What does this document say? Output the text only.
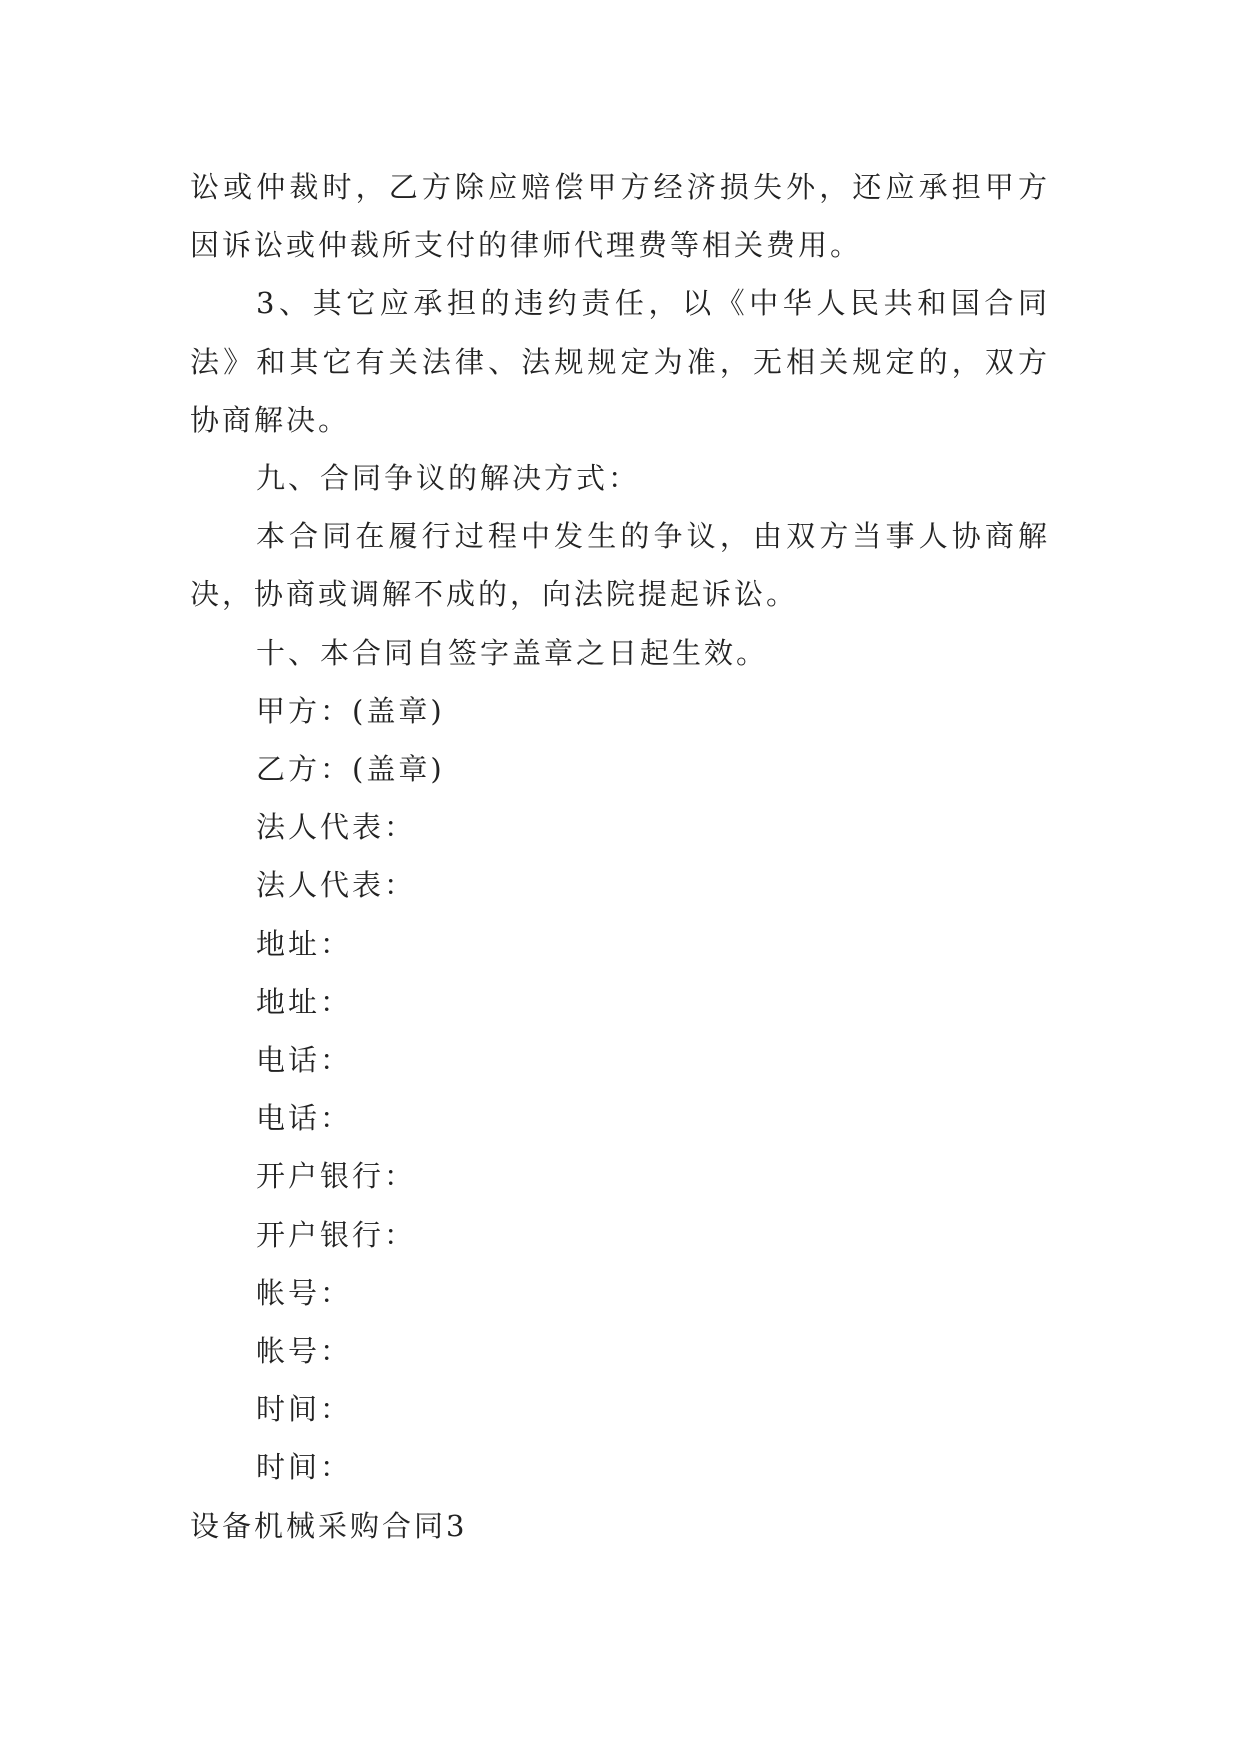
讼或仲裁时，乙方除应赔偿甲方经济损失外，还应承担甲方因诉讼或仲裁所支付的律师代理费等相关费用。

3、其它应承担的违约责任，以《中华人民共和国合同法》和其它有关法律、法规规定为准，无相关规定的，双方协商解决。

九、合同争议的解决方式：

本合同在履行过程中发生的争议，由双方当事人协商解决，协商或调解不成的，向法院提起诉讼。

十、本合同自签字盖章之日起生效。

甲方：(盖章)

乙方：(盖章)

法人代表：

法人代表：

地址：

地址：

电话：

电话：

开户银行：

开户银行：

帐号：

帐号：

时间：

时间：

设备机械采购合同3
